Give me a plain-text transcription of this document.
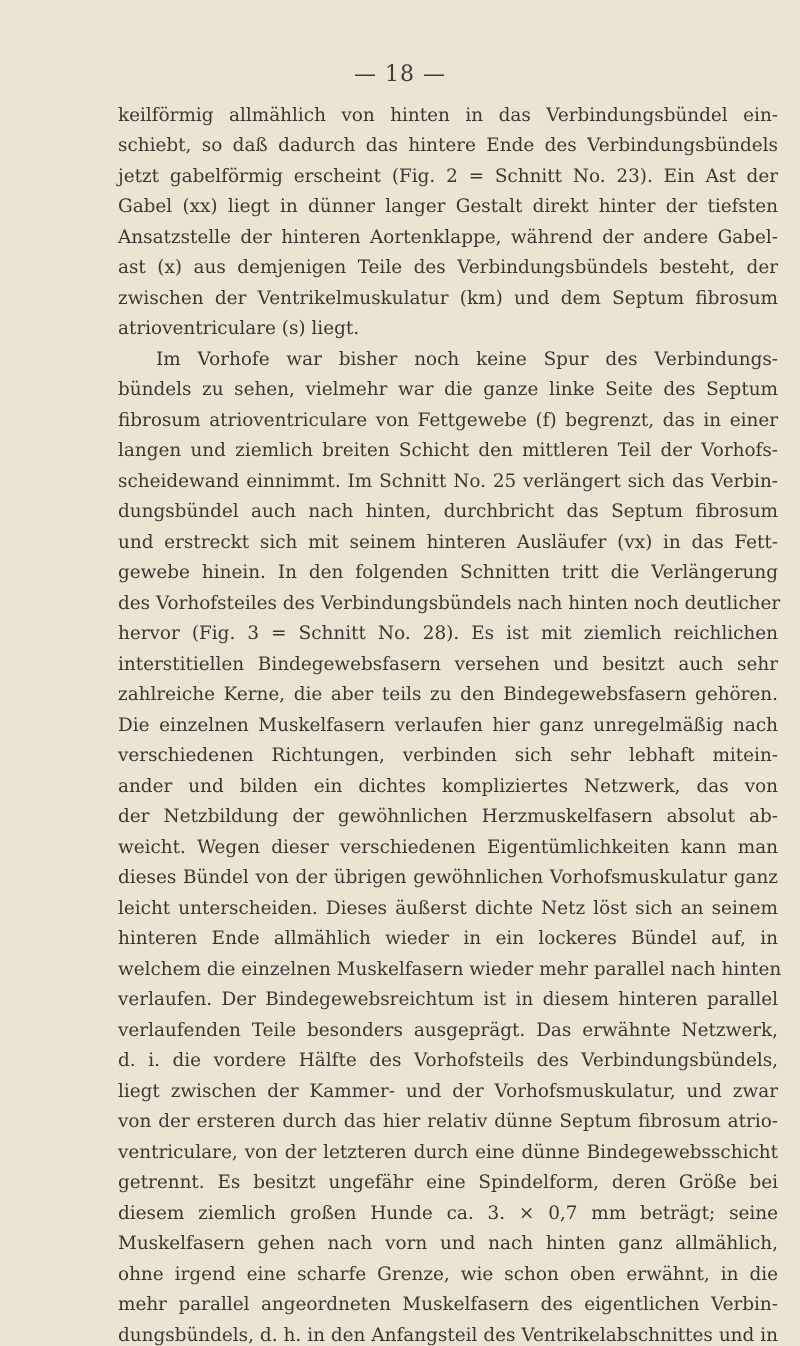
— 18 —
keilförmig allmählich von hinten in das Verbindungsbündel ein-
schiebt, so daß dadurch das hintere Ende des Verbindungsbündels
jetzt gabelförmig erscheint (Fig. 2 = Schnitt No. 23). Ein Ast der
Gabel (xx) liegt in dünner langer Gestalt direkt hinter der tiefsten
Ansatzstelle der hinteren Aortenklappe, während der andere Gabel-
ast (x) aus demjenigen Teile des Verbindungsbündels besteht, der
zwischen der Ventrikelmuskulatur (km) und dem Septum fibrosum
atrioventriculare (s) liegt.
Im Vorhofe war bisher noch keine Spur des Verbindungs-
bündels zu sehen, vielmehr war die ganze linke Seite des Septum
fibrosum atrioventriculare von Fettgewebe (f) begrenzt, das in einer
langen und ziemlich breiten Schicht den mittleren Teil der Vorhofs-
scheidewand einnimmt. Im Schnitt No. 25 verlängert sich das Verbin-
dungsbündel auch nach hinten, durchbricht das Septum fibrosum
und erstreckt sich mit seinem hinteren Ausläufer (vx) in das Fett-
gewebe hinein. In den folgenden Schnitten tritt die Verlängerung
des Vorhofsteiles des Verbindungsbündels nach hinten noch deutlicher
hervor (Fig. 3 = Schnitt No. 28). Es ist mit ziemlich reichlichen
interstitiellen Bindegewebsfasern versehen und besitzt auch sehr
zahlreiche Kerne, die aber teils zu den Bindegewebsfasern gehören.
Die einzelnen Muskelfasern verlaufen hier ganz unregelmäßig nach
verschiedenen Richtungen, verbinden sich sehr lebhaft mitein-
ander und bilden ein dichtes kompliziertes Netzwerk, das von
der Netzbildung der gewöhnlichen Herzmuskelfasern absolut ab-
weicht. Wegen dieser verschiedenen Eigentümlichkeiten kann man
dieses Bündel von der übrigen gewöhnlichen Vorhofsmuskulatur ganz
leicht unterscheiden. Dieses äußerst dichte Netz löst sich an seinem
hinteren Ende allmählich wieder in ein lockeres Bündel auf, in
welchem die einzelnen Muskelfasern wieder mehr parallel nach hinten
verlaufen. Der Bindegewebsreichtum ist in diesem hinteren parallel
verlaufenden Teile besonders ausgeprägt. Das erwähnte Netzwerk,
d. i. die vordere Hälfte des Vorhofsteils des Verbindungsbündels,
liegt zwischen der Kammer- und der Vorhofsmuskulatur, und zwar
von der ersteren durch das hier relativ dünne Septum fibrosum atrio-
ventriculare, von der letzteren durch eine dünne Bindegewebsschicht
getrennt. Es besitzt ungefähr eine Spindelform, deren Größe bei
diesem ziemlich großen Hunde ca. 3. × 0,7 mm beträgt; seine
Muskelfasern gehen nach vorn und nach hinten ganz allmählich,
ohne irgend eine scharfe Grenze, wie schon oben erwähnt, in die
mehr parallel angeordneten Muskelfasern des eigentlichen Verbin-
dungsbündels, d. h. in den Anfangsteil des Ventrikelabschnittes und in
